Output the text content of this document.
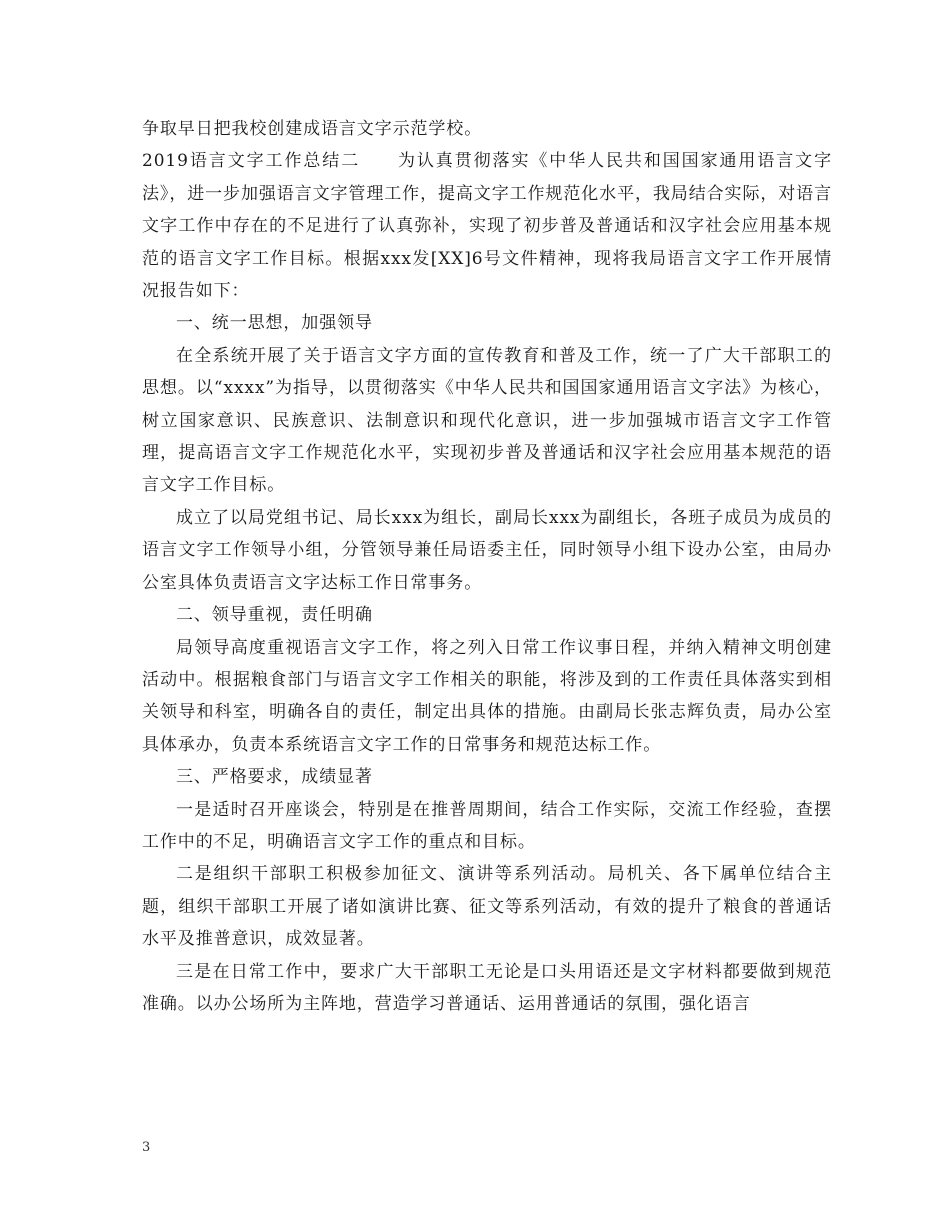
争取早日把我校创建成语言文字示范学校。

2019语言文字工作总结二　　为认真贯彻落实《中华人民共和国国家通用语言文字法》，进一步加强语言文字管理工作，提高文字工作规范化水平，我局结合实际，对语言文字工作中存在的不足进行了认真弥补，实现了初步普及普通话和汉字社会应用基本规范的语言文字工作目标。根据xxx发[XX]6号文件精神，现将我局语言文字工作开展情况报告如下：

一、统一思想，加强领导

在全系统开展了关于语言文字方面的宣传教育和普及工作，统一了广大干部职工的思想。以“xxxx”为指导，以贯彻落实《中华人民共和国国家通用语言文字法》为核心，树立国家意识、民族意识、法制意识和现代化意识，进一步加强城市语言文字工作管理，提高语言文字工作规范化水平，实现初步普及普通话和汉字社会应用基本规范的语言文字工作目标。

成立了以局党组书记、局长xxx为组长，副局长xxx为副组长，各班子成员为成员的语言文字工作领导小组，分管领导兼任局语委主任，同时领导小组下设办公室，由局办公室具体负责语言文字达标工作日常事务。

二、领导重视，责任明确

局领导高度重视语言文字工作，将之列入日常工作议事日程，并纳入精神文明创建活动中。根据粮食部门与语言文字工作相关的职能，将涉及到的工作责任具体落实到相关领导和科室，明确各自的责任，制定出具体的措施。由副局长张志辉负责，局办公室具体承办，负责本系统语言文字工作的日常事务和规范达标工作。

三、严格要求，成绩显著

一是适时召开座谈会，特别是在推普周期间，结合工作实际，交流工作经验，查摆工作中的不足，明确语言文字工作的重点和目标。

二是组织干部职工积极参加征文、演讲等系列活动。局机关、各下属单位结合主题，组织干部职工开展了诸如演讲比赛、征文等系列活动，有效的提升了粮食的普通话水平及推普意识，成效显著。

三是在日常工作中，要求广大干部职工无论是口头用语还是文字材料都要做到规范准确。以办公场所为主阵地，营造学习普通话、运用普通话的氛围，强化语言

3
